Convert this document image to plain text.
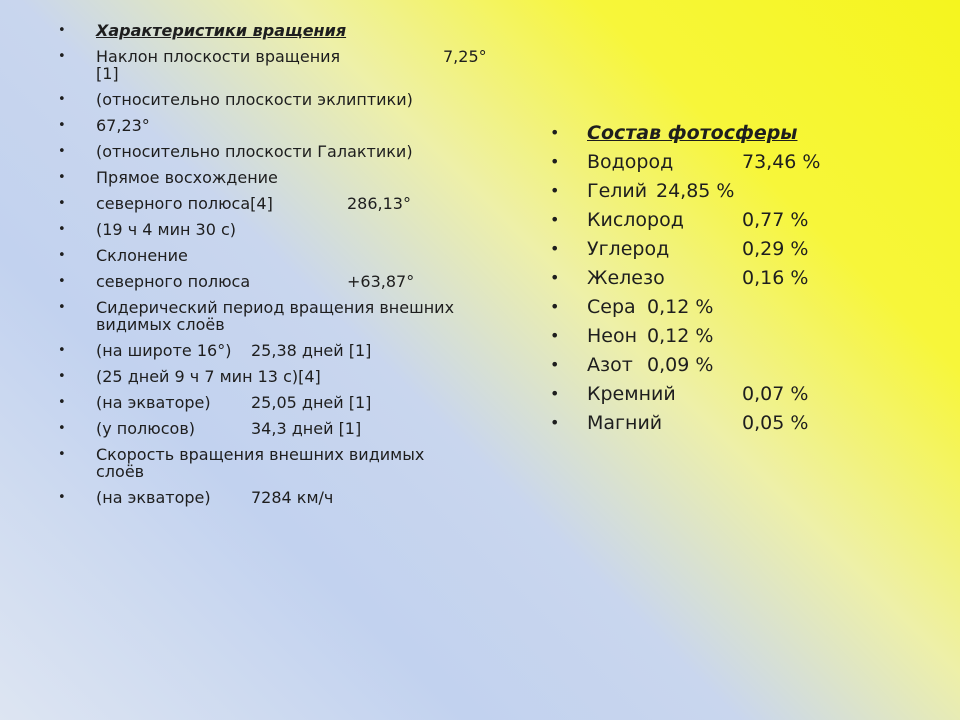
• Характеристики вращения
• Наклон плоскости вращения	7,25°
[1]
• (относительно плоскости эклиптики)
• 67,23°
• (относительно плоскости Галактики)
• Прямое восхождение
• северного полюса[4]	286,13°
• (19 ч 4 мин 30 с)
• Склонение
• северного полюса	+63,87°
• Сидерический период вращения внешних
видимых слоёв
• (на широте 16°) 25,38 дней [1]
• (25 дней 9 ч 7 мин 13 с)[4]
• (на экваторе)	25,05 дней [1]
• (у полюсов)	34,3 дней [1]
• Скорость вращения внешних видимых
слоёв
• (на экваторе)	7284 км/ч
• Состав фотосферы
• Водород	73,46 %
• Гелий 24,85 %
• Кислород	0,77 %
• Углерод	0,29 %
• Железо	0,16 %
• Сера 0,12 %
• Неон 0,12 %
• Азот 0,09 %
• Кремний	0,07 %
• Магний	0,05 %
